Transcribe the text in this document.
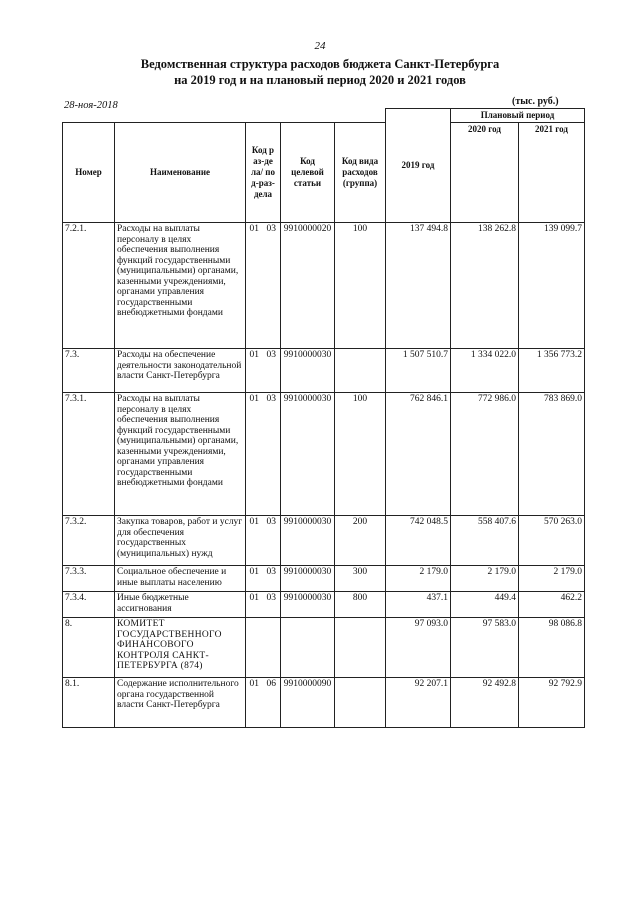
24
Ведомственная структура расходов бюджета Санкт-Петербурга
на 2019 год и на плановый период 2020 и 2021 годов
28-ноя-2018	(тыс. руб.)
						2019 год	Плановый период	
Номер	Наименование	Код раз-дела/ под-раз-дела		Код целевой статьи	Код вида расходов (группа)		2020 год	2021 год
7.2.1.	Расходы на выплаты персоналу в целях обеспечения выполнения функций государственными (муниципальными) органами, казенными учреждениями, органами управления государственными внебюджетными фондами	01	03	9910000020	100	137 494.8	138 262.8	139 099.7
7.3.	Расходы на обеспечение деятельности законодательной власти Санкт-Петербурга	01	03	9910000030		1 507 510.7	1 334 022.0	1 356 773.2
7.3.1.	Расходы на выплаты персоналу в целях обеспечения выполнения функций государственными (муниципальными) органами, казенными учреждениями, органами управления государственными внебюджетными фондами	01	03	9910000030	100	762 846.1	772 986.0	783 869.0
7.3.2.	Закупка товаров, работ и услуг для обеспечения государственных (муниципальных) нужд	01	03	9910000030	200	742 048.5	558 407.6	570 263.0
7.3.3.	Социальное обеспечение и иные выплаты населению	01	03	9910000030	300	2 179.0	2 179.0	2 179.0
7.3.4.	Иные бюджетные ассигнования	01	03	9910000030	800	437.1	449.4	462.2
8.	КОМИТЕТ ГОСУДАРСТВЕННОГО ФИНАНСОВОГО КОНТРОЛЯ САНКТ-ПЕТЕРБУРГА (874)					97 093.0	97 583.0	98 086.8
8.1.	Содержание исполнительного органа государственной власти Санкт-Петербурга	01	06	9910000090		92 207.1	92 492.8	92 792.9
